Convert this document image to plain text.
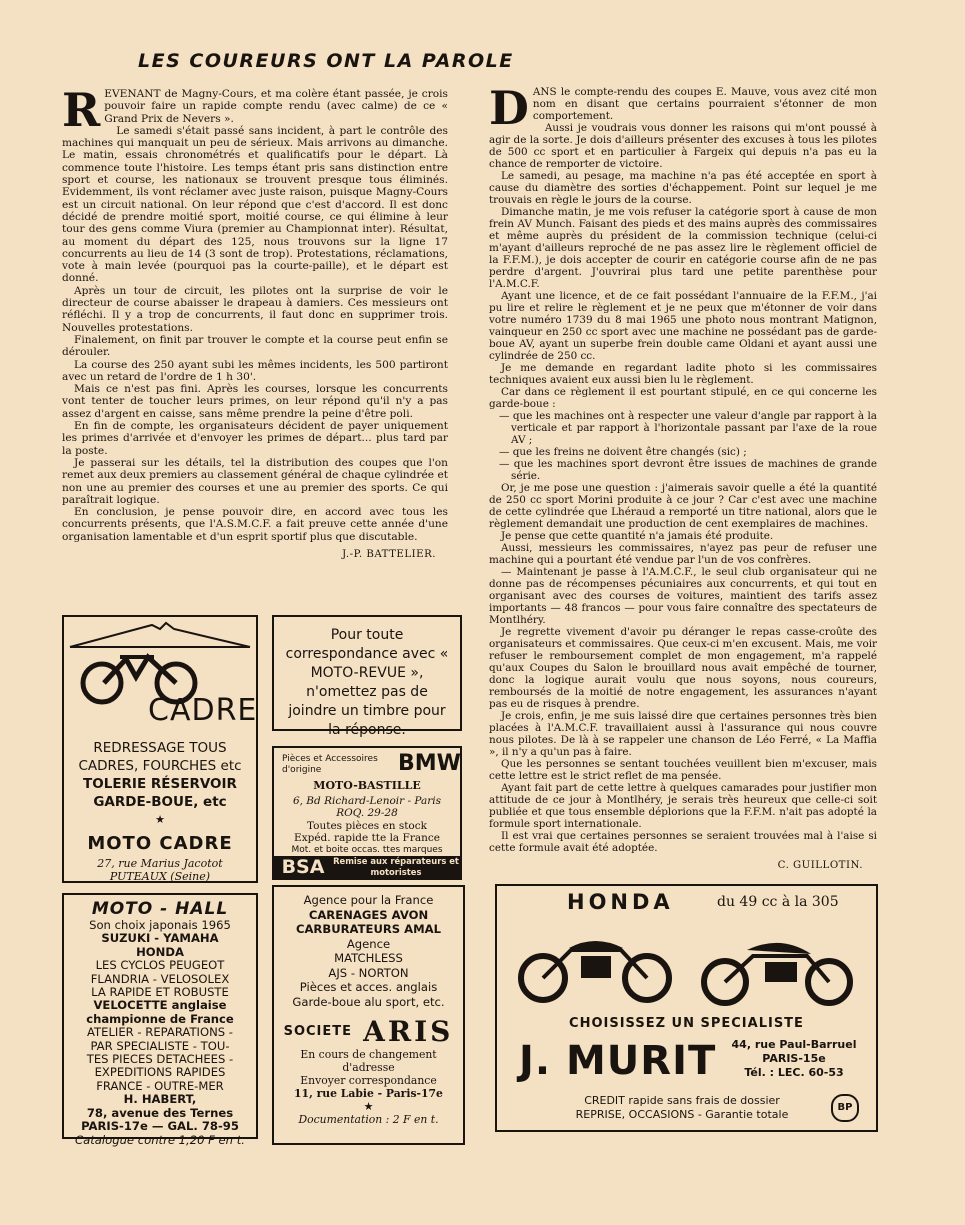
LES COUREURS ONT LA PAROLE
R EVENANT de Magny-Cours, et ma colère étant passée, je crois pouvoir faire un rapide compte rendu (avec calme) de ce « Grand Prix de Nevers ».

Le samedi s'était passé sans incident, à part le contrôle des machines qui manquait un peu de sérieux. Mais arrivons au dimanche. Le matin, essais chronométrés et qualificatifs pour le départ. Là commence toute l'histoire. Les temps étant pris sans distinction entre sport et course, les nationaux se trouvent presque tous éliminés. Evidemment, ils vont réclamer avec juste raison, puisque Magny-Cours est un circuit national. On leur répond que c'est d'accord. Il est donc décidé de prendre moitié sport, moitié course, ce qui élimine à leur tour des gens comme Viura (premier au Championnat inter). Résultat, au moment du départ des 125, nous trouvons sur la ligne 17 concurrents au lieu de 14 (3 sont de trop). Protestations, réclamations, vote à main levée (pourquoi pas la courte-paille), et le départ est donné.

Après un tour de circuit, les pilotes ont la surprise de voir le directeur de course abaisser le drapeau à damiers. Ces messieurs ont réfléchi. Il y a trop de concurrents, il faut donc en supprimer trois. Nouvelles protestations.

Finalement, on finit par trouver le compte et la course peut enfin se dérouler.

La course des 250 ayant subi les mêmes incidents, les 500 partiront avec un retard de l'ordre de 1 h 30'.

Mais ce n'est pas fini. Après les courses, lorsque les concurrents vont tenter de toucher leurs primes, on leur répond qu'il n'y a pas assez d'argent en caisse, sans même prendre la peine d'être poli.

En fin de compte, les organisateurs décident de payer uniquement les primes d'arrivée et d'envoyer les primes de départ... plus tard par la poste.

Je passerai sur les détails, tel la distribution des coupes que l'on remet aux deux premiers au classement général de chaque cylindrée et non une au premier des courses et une au premier des sports. Ce qui paraîtrait logique.

En conclusion, je pense pouvoir dire, en accord avec tous les concurrents présents, que l'A.S.M.C.F. a fait preuve cette année d'une organisation lamentable et d'un esprit sportif plus que discutable.

J.-P. BATTELIER.
D ANS le compte-rendu des coupes E. Mauve, vous avez cité mon nom en disant que certains pourraient s'étonner de mon comportement.

Aussi je voudrais vous donner les raisons qui m'ont poussé à agir de la sorte. Je dois d'ailleurs présenter des excuses à tous les pilotes de 500 cc sport et en particulier à Fargeix qui depuis n'a pas eu la chance de remporter de victoire.

Le samedi, au pesage, ma machine n'a pas été acceptée en sport à cause du diamètre des sorties d'échappement. Point sur lequel je me trouvais en règle le jours de la course.

Dimanche matin, je me vois refuser la catégorie sport à cause de mon frein AV Munch. Faisant des pieds et des mains auprès des commissaires et même auprès du président de la commission technique (celui-ci m'ayant d'ailleurs reproché de ne pas assez lire le règlement officiel de la F.F.M.), je dois accepter de courir en catégorie course afin de ne pas perdre d'argent. J'ouvrirai plus tard une petite parenthèse pour l'A.M.C.F.

Ayant une licence, et de ce fait possédant l'annuaire de la F.F.M., j'ai pu lire et relire le règlement et je ne peux que m'étonner de voir dans votre numéro 1739 du 8 mai 1965 une photo nous montrant Matignon, vainqueur en 250 cc sport avec une machine ne possédant pas de garde-boue AV, ayant un superbe frein double came Oldani et ayant aussi une cylindrée de 250 cc.

Je me demande en regardant ladite photo si les commissaires techniques avaient eux aussi bien lu le règlement.

Car dans ce règlement il est pourtant stipulé, en ce qui concerne les garde-boue :

— que les machines ont à respecter une valeur d'angle par rapport à la verticale et par rapport à l'horizontale passant par l'axe de la roue AV ;
— que les freins ne doivent être changés (sic) ;
— que les machines sport devront être issues de machines de grande série.

Or, je me pose une question : j'aimerais savoir quelle a été la quantité de 250 cc sport Morini produite à ce jour ? Car c'est avec une machine de cette cylindrée que Lhéraud a remporté un titre national, alors que le règlement demandait une production de cent exemplaires de machines.

Je pense que cette quantité n'a jamais été produite.

Aussi, messieurs les commissaires, n'ayez pas peur de refuser une machine qui a pourtant été vendue par l'un de vos confrères.

— Maintenant je passe à l'A.M.C.F., le seul club organisateur qui ne donne pas de récompenses pécuniaires aux concurrents, et qui tout en organisant avec des courses de voitures, maintient des tarifs assez importants — 48 francos — pour vous faire connaître des spectateurs de Montlhéry.

Je regrette vivement d'avoir pu déranger le repas casse-croûte des organisateurs et commissaires. Que ceux-ci m'en excusent. Mais, me voir refuser le remboursement complet de mon engagement, m'a rappelé qu'aux Coupes du Salon le brouillard nous avait empêché de tourner, donc la logique aurait voulu que nous soyons, nous coureurs, remboursés de la moitié de notre engagement, les assurances n'ayant pas eu de risques à prendre.

Je crois, enfin, je me suis laissé dire que certaines personnes très bien placées à l'A.M.C.F. travaillaient aussi à l'assurance qui nous couvre nous pilotes. De là à se rappeler une chanson de Léo Ferré, « La Maffia », il n'y a qu'un pas à faire.

Que les personnes se sentant touchées veuillent bien m'excuser, mais cette lettre est le strict reflet de ma pensée.

Ayant fait part de cette lettre à quelques camarades pour justifier mon attitude de ce jour à Montlhéry, je serais très heureux que celle-ci soit publiée et que tous ensemble déplorions que la F.F.M. n'ait pas adopté la formule sport internationale.

Il est vrai que certaines personnes se seraient trouvées mal à l'aise si cette formule avait été adoptée.

C. GUILLOTIN.
CADRE
REDRESSAGE TOUS
CADRES, FOURCHES etc
TOLERIE RÉSERVOIR
GARDE-BOUE, etc
★
MOTO CADRE
27, rue Marius Jacotot
PUTEAUX (Seine)
Pour toute correspondance avec « MOTO-REVUE », n'omettez pas de joindre un timbre pour la réponse.
Pièces et Accessoires d'origine	BMW
MOTO-BASTILLE
6, Bd Richard-Lenoir - Paris
ROQ. 29-28
Toutes pièces en stock
Expéd. rapide tte la France
Mot. et boite occas. ttes marques
BSA	Remise aux réparateurs et motoristes
MOTO - HALL
Son choix japonais 1965
SUZUKI - YAMAHA
HONDA
LES CYCLOS PEUGEOT
FLANDRIA - VELOSOLEX
LA RAPIDE ET ROBUSTE
VELOCETTE anglaise
championne de France
ATELIER - REPARATIONS -
PAR SPECIALISTE - TOU-
TES PIECES DETACHEES -
EXPEDITIONS RAPIDES
FRANCE - OUTRE-MER
H. HABERT,
78, avenue des Ternes
PARIS-17e — GAL. 78-95
Catalogue contre 1,20 F en t.
Agence pour la France
CARENAGES AVON
CARBURATEURS AMAL
Agence
MATCHLESS
AJS - NORTON
Pièces et acces. anglais
Garde-boue alu sport, etc.
SOCIETE ARIS
En cours de changement
d'adresse
Envoyer correspondance
11, rue Labie - Paris-17e
★
Documentation : 2 F en t.
HONDA	du 49 cc à la 305
CHOISISSEZ UN SPECIALISTE
J. MURIT	44, rue Paul-Barruel
PARIS-15e
Tél. : LEC. 60-53
CREDIT rapide sans frais de dossier
REPRISE, OCCASIONS - Garantie totale
BP
